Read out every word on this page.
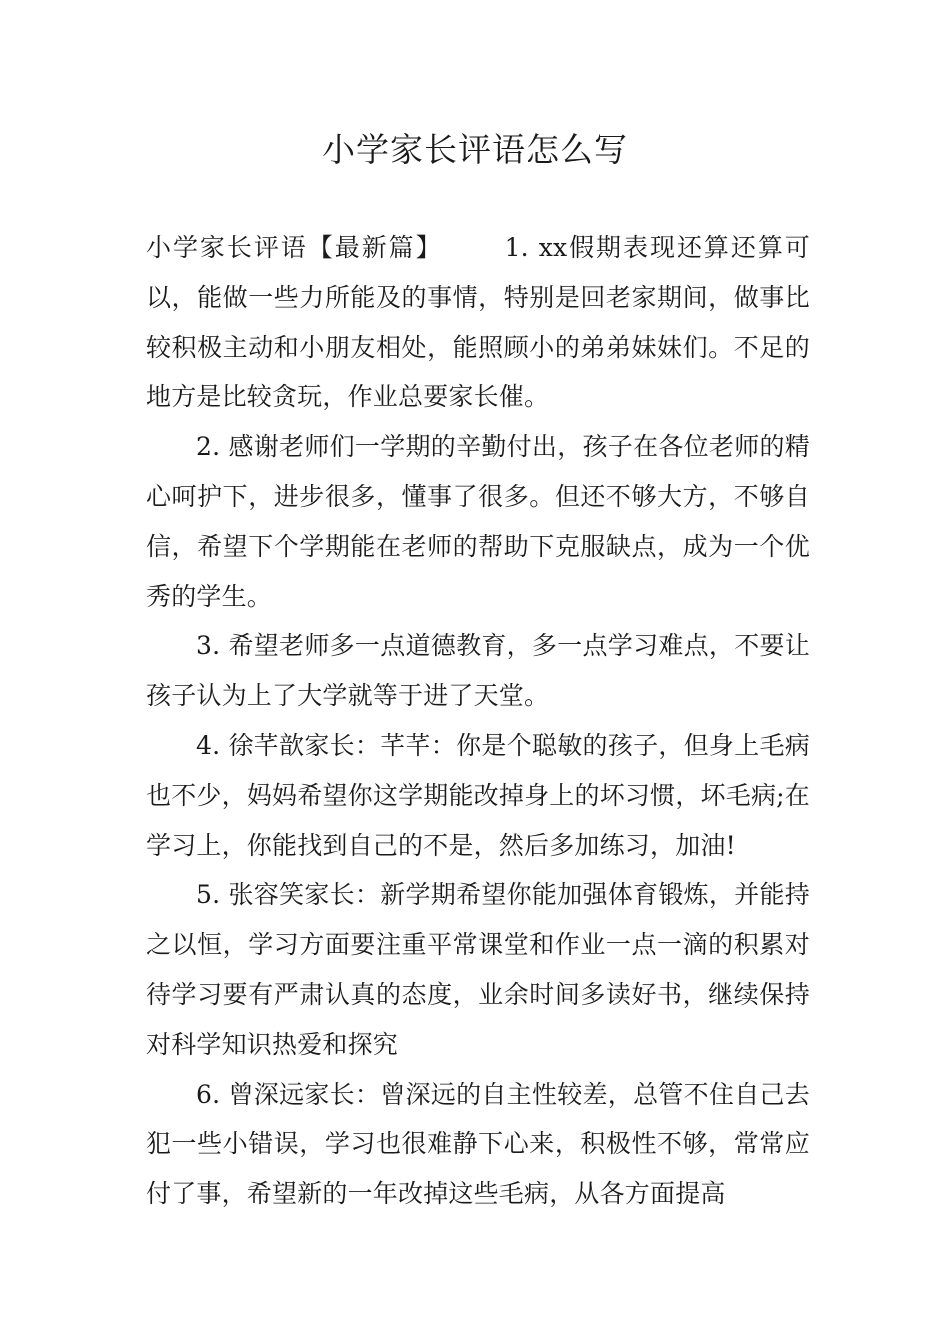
小学家长评语怎么写

小学家长评语【最新篇】 1. xx假期表现还算还算可以，能做一些力所能及的事情，特别是回老家期间，做事比较积极主动和小朋友相处，能照顾小的弟弟妹妹们。不足的地方是比较贪玩，作业总要家长催。

2. 感谢老师们一学期的辛勤付出，孩子在各位老师的精心呵护下，进步很多，懂事了很多。但还不够大方，不够自信，希望下个学期能在老师的帮助下克服缺点，成为一个优秀的学生。

3. 希望老师多一点道德教育，多一点学习难点，不要让孩子认为上了大学就等于进了天堂。

4. 徐芊歆家长：芊芊：你是个聪敏的孩子，但身上毛病也不少，妈妈希望你这学期能改掉身上的坏习惯，坏毛病;在学习上，你能找到自己的不是，然后多加练习，加油!

5. 张容笑家长：新学期希望你能加强体育锻炼，并能持之以恒，学习方面要注重平常课堂和作业一点一滴的积累对待学习要有严肃认真的态度，业余时间多读好书，继续保持对科学知识热爱和探究

6. 曾深远家长：曾深远的自主性较差，总管不住自己去犯一些小错误，学习也很难静下心来，积极性不够，常常应付了事，希望新的一年改掉这些毛病，从各方面提高
